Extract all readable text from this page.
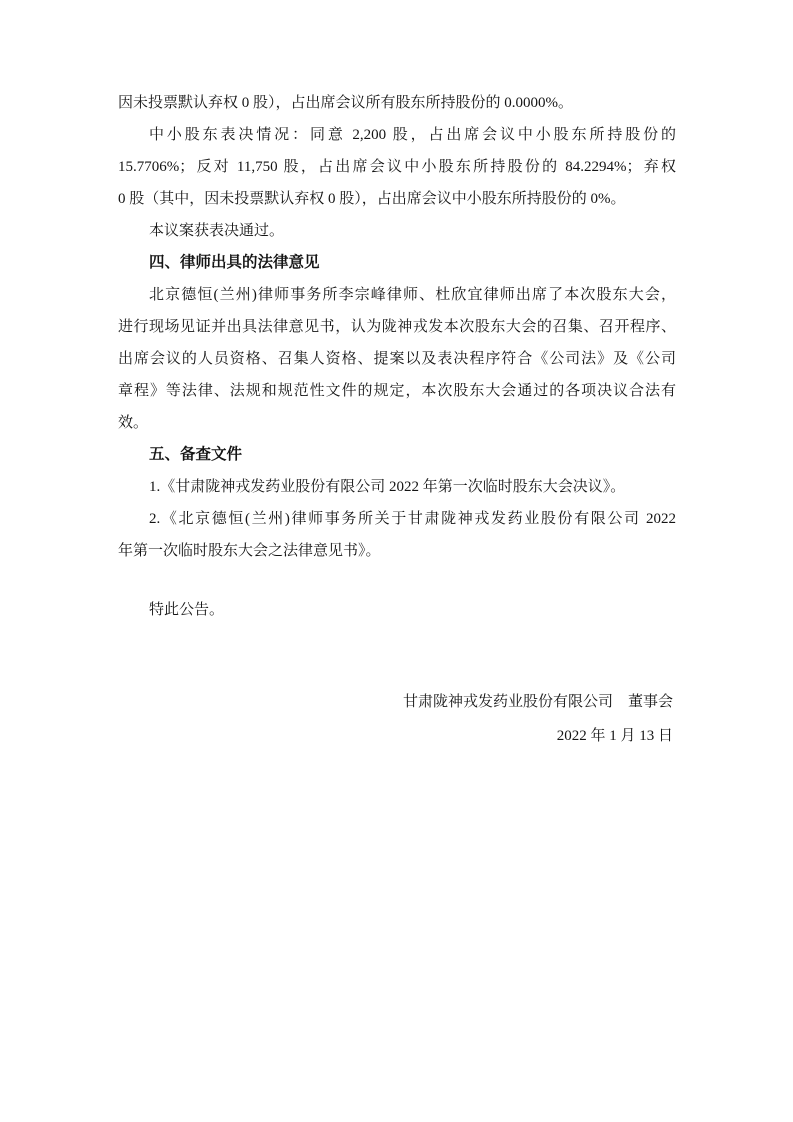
因未投票默认弃权 0 股），占出席会议所有股东所持股份的 0.0000%。
中小股东表决情况：同意 2,200 股，占出席会议中小股东所持股份的
15.7706%；反对 11,750 股，占出席会议中小股东所持股份的 84.2294%；弃权
0 股（其中，因未投票默认弃权 0 股），占出席会议中小股东所持股份的 0%。
本议案获表决通过。
四、律师出具的法律意见
北京德恒(兰州)律师事务所李宗峰律师、杜欣宜律师出席了本次股东大会，
进行现场见证并出具法律意见书，认为陇神戎发本次股东大会的召集、召开程序、
出席会议的人员资格、召集人资格、提案以及表决程序符合《公司法》及《公司
章程》等法律、法规和规范性文件的规定，本次股东大会通过的各项决议合法有
效。
五、备查文件
1.《甘肃陇神戎发药业股份有限公司 2022 年第一次临时股东大会决议》。
2.《北京德恒(兰州)律师事务所关于甘肃陇神戎发药业股份有限公司 2022
年第一次临时股东大会之法律意见书》。
特此公告。
甘肃陇神戎发药业股份有限公司　董事会
2022 年 1 月 13 日
